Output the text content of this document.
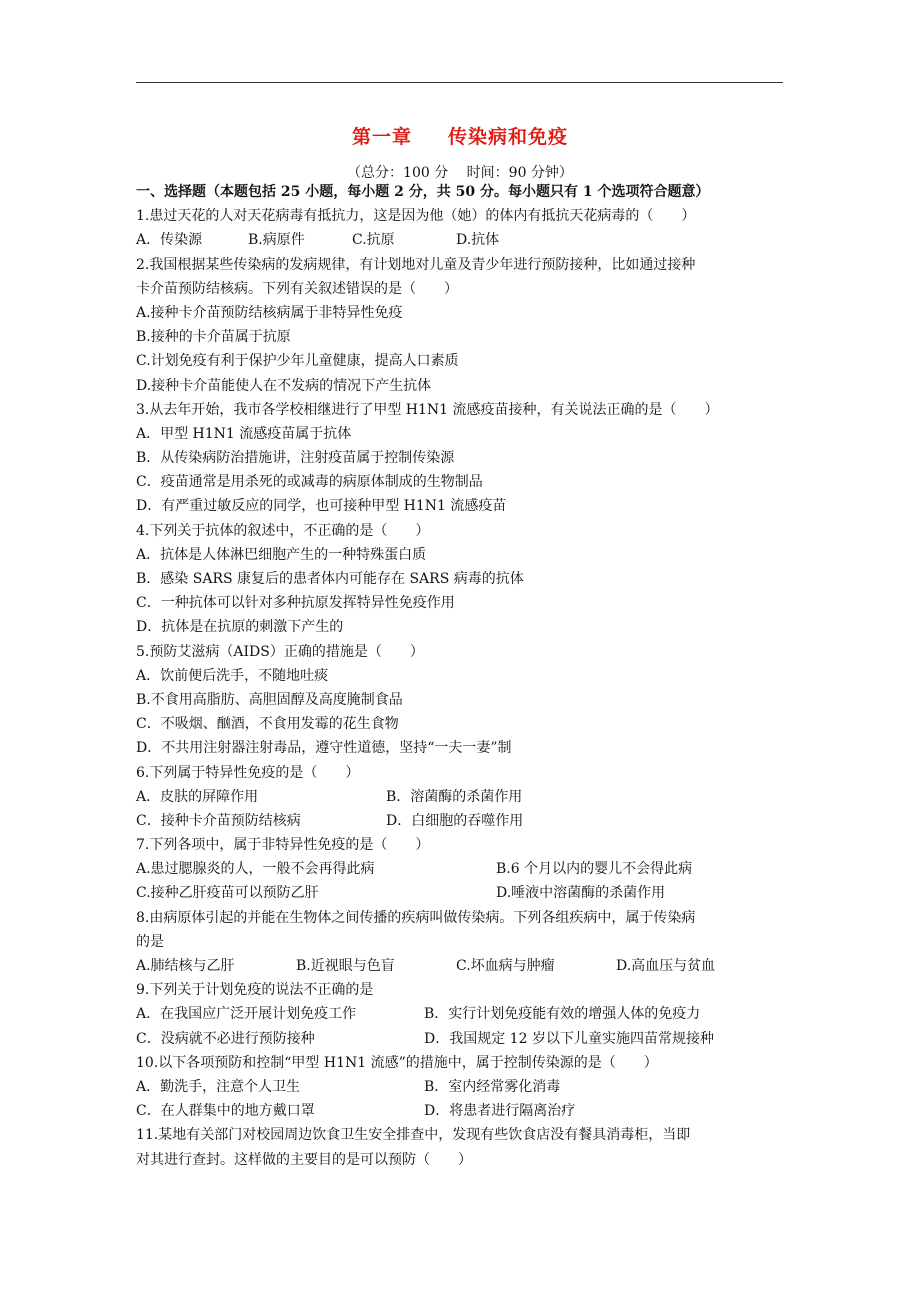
第一章 传染病和免疫
（总分：100 分　 时间：90 分钟）
一、选择题（本题包括 25 小题，每小题 2 分，共 50 分。每小题只有 1 个选项符合题意）
1.患过天花的人对天花病毒有抵抗力，这是因为他（她）的体内有抵抗天花病毒的（　　）
A．传染源	B.病原件	C.抗原	D.抗体
2.我国根据某些传染病的发病规律，有计划地对儿童及青少年进行预防接种，比如通过接种
卡介苗预防结核病。下列有关叙述错误的是（　　）
A.接种卡介苗预防结核病属于非特异性免疫
B.接种的卡介苗属于抗原
C.计划免疫有利于保护少年儿童健康，提高人口素质
D.接种卡介苗能使人在不发病的情况下产生抗体
3.从去年开始，我市各学校相继进行了甲型 H1N1 流感疫苗接种，有关说法正确的是（　　）
A．甲型 H1N1 流感疫苗属于抗体
B．从传染病防治措施讲，注射疫苗属于控制传染源
C．疫苗通常是用杀死的或减毒的病原体制成的生物制品
D．有严重过敏反应的同学，也可接种甲型 H1N1 流感疫苗
4.下列关于抗体的叙述中，不正确的是（　　）
A．抗体是人体淋巴细胞产生的一种特殊蛋白质
B．感染 SARS 康复后的患者体内可能存在 SARS 病毒的抗体
C．一种抗体可以针对多种抗原发挥特异性免疫作用
D．抗体是在抗原的刺激下产生的
5.预防艾滋病（AIDS）正确的措施是（　　）
A．饮前便后洗手，不随地吐痰
B.不食用高脂肪、高胆固醇及高度腌制食品
C．不吸烟、酗酒，不食用发霉的花生食物
D．不共用注射器注射毒品，遵守性道德，坚持“一夫一妻”制
6.下列属于特异性免疫的是（　　）
A．皮肤的屏障作用	B．溶菌酶的杀菌作用
C．接种卡介苗预防结核病	D．白细胞的吞噬作用
7.下列各项中，属于非特异性免疫的是（　　）
A.患过腮腺炎的人，一般不会再得此病	B.6 个月以内的婴儿不会得此病
C.接种乙肝疫苗可以预防乙肝	D.唾液中溶菌酶的杀菌作用
8.由病原体引起的并能在生物体之间传播的疾病叫做传染病。下列各组疾病中，属于传染病
的是
A.肺结核与乙肝	B.近视眼与色盲	C.坏血病与肿瘤	D.高血压与贫血
9.下列关于计划免疫的说法不正确的是
A．在我国应广泛开展计划免疫工作	B．实行计划免疫能有效的增强人体的免疫力
C．没病就不必进行预防接种	D．我国规定 12 岁以下儿童实施四苗常规接种
10.以下各项预防和控制“甲型 H1N1 流感”的措施中，属于控制传染源的是（　　）
A．勤洗手，注意个人卫生	B．室内经常雾化消毒
C．在人群集中的地方戴口罩	D．将患者进行隔离治疗
11.某地有关部门对校园周边饮食卫生安全排查中，发现有些饮食店没有餐具消毒柜，当即
对其进行查封。这样做的主要目的是可以预防（　　）
